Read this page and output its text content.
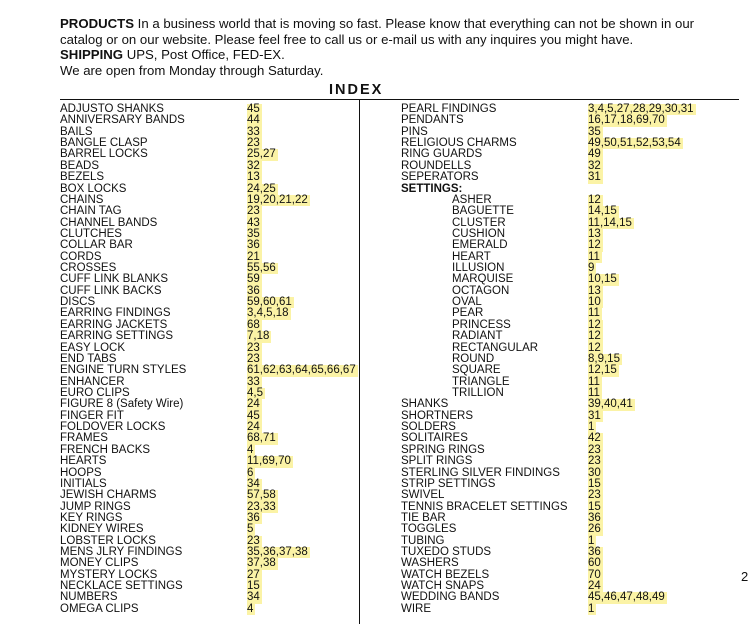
PRODUCTS In a business world that is moving so fast. Please know that everything can not be shown in our catalog or on our website. Please feel free to call us or e-mail us with any inquires you might have.

SHIPPING UPS, Post Office, FED-EX.

We are open from Monday through Saturday.

INDEX
ADJUSTO SHANKS	45
ANNIVERSARY BANDS	44
BAILS	33
BANGLE CLASP	23
BARREL LOCKS	25,27
BEADS	32
BEZELS	13
BOX LOCKS	24,25
CHAINS	19,20,21,22
CHAIN TAG	23
CHANNEL BANDS	43
CLUTCHES	35
COLLAR BAR	36
CORDS	21
CROSSES	55,56
CUFF LINK BLANKS	59
CUFF LINK BACKS	36
DISCS	59,60,61
EARRING FINDINGS	3,4,5,18
EARRING JACKETS	68
EARRING SETTINGS	7,18
EASY LOCK	23
END TABS	23
ENGINE TURN STYLES	61,62,63,64,65,66,67
ENHANCER	33
EURO CLIPS	4,5
FIGURE 8 (Safety Wire)	24
FINGER FIT	45
FOLDOVER LOCKS	24
FRAMES	68,71
FRENCH BACKS	4
HEARTS	11,69,70
HOOPS	6
INITIALS	34
JEWISH CHARMS	57,58
JUMP RINGS	23,33
KEY RINGS	36
KIDNEY WIRES	5
LOBSTER LOCKS	23
MENS JLRY FINDINGS	35,36,37,38
MONEY CLIPS	37,38
MYSTERY LOCKS	27
NECKLACE SETTINGS	15
NUMBERS	34
OMEGA CLIPS	4
PEARL FINDINGS	3,4,5,27,28,29,30,31
PENDANTS	16,17,18,69,70
PINS	35
RELIGIOUS CHARMS	49,50,51,52,53,54
RING GUARDS	49
ROUNDELLS	32
SEPERATORS	31
SETTINGS:
ASHER	12
BAGUETTE	14,15
CLUSTER	11,14,15
CUSHION	13
EMERALD	12
HEART	11
ILLUSION	9
MARQUISE	10,15
OCTAGON	13
OVAL	10
PEAR	11
PRINCESS	12
RADIANT	12
RECTANGULAR	12
ROUND	8,9,15
SQUARE	12,15
TRIANGLE	11
TRILLION	11
SHANKS	39,40,41
SHORTNERS	31
SOLDERS	1
SOLITAIRES	42
SPRING RINGS	23
SPLIT RINGS	23
STERLING SILVER FINDINGS 30
STRIP SETTINGS	15
SWIVEL	23
TENNIS BRACELET SETTINGS 15
TIE BAR	36
TOGGLES	26
TUBING	1
TUXEDO STUDS	36
WASHERS	60
WATCH BEZELS	70
WATCH SNAPS	24
WEDDING BANDS	45,46,47,48,49
WIRE	1
2
